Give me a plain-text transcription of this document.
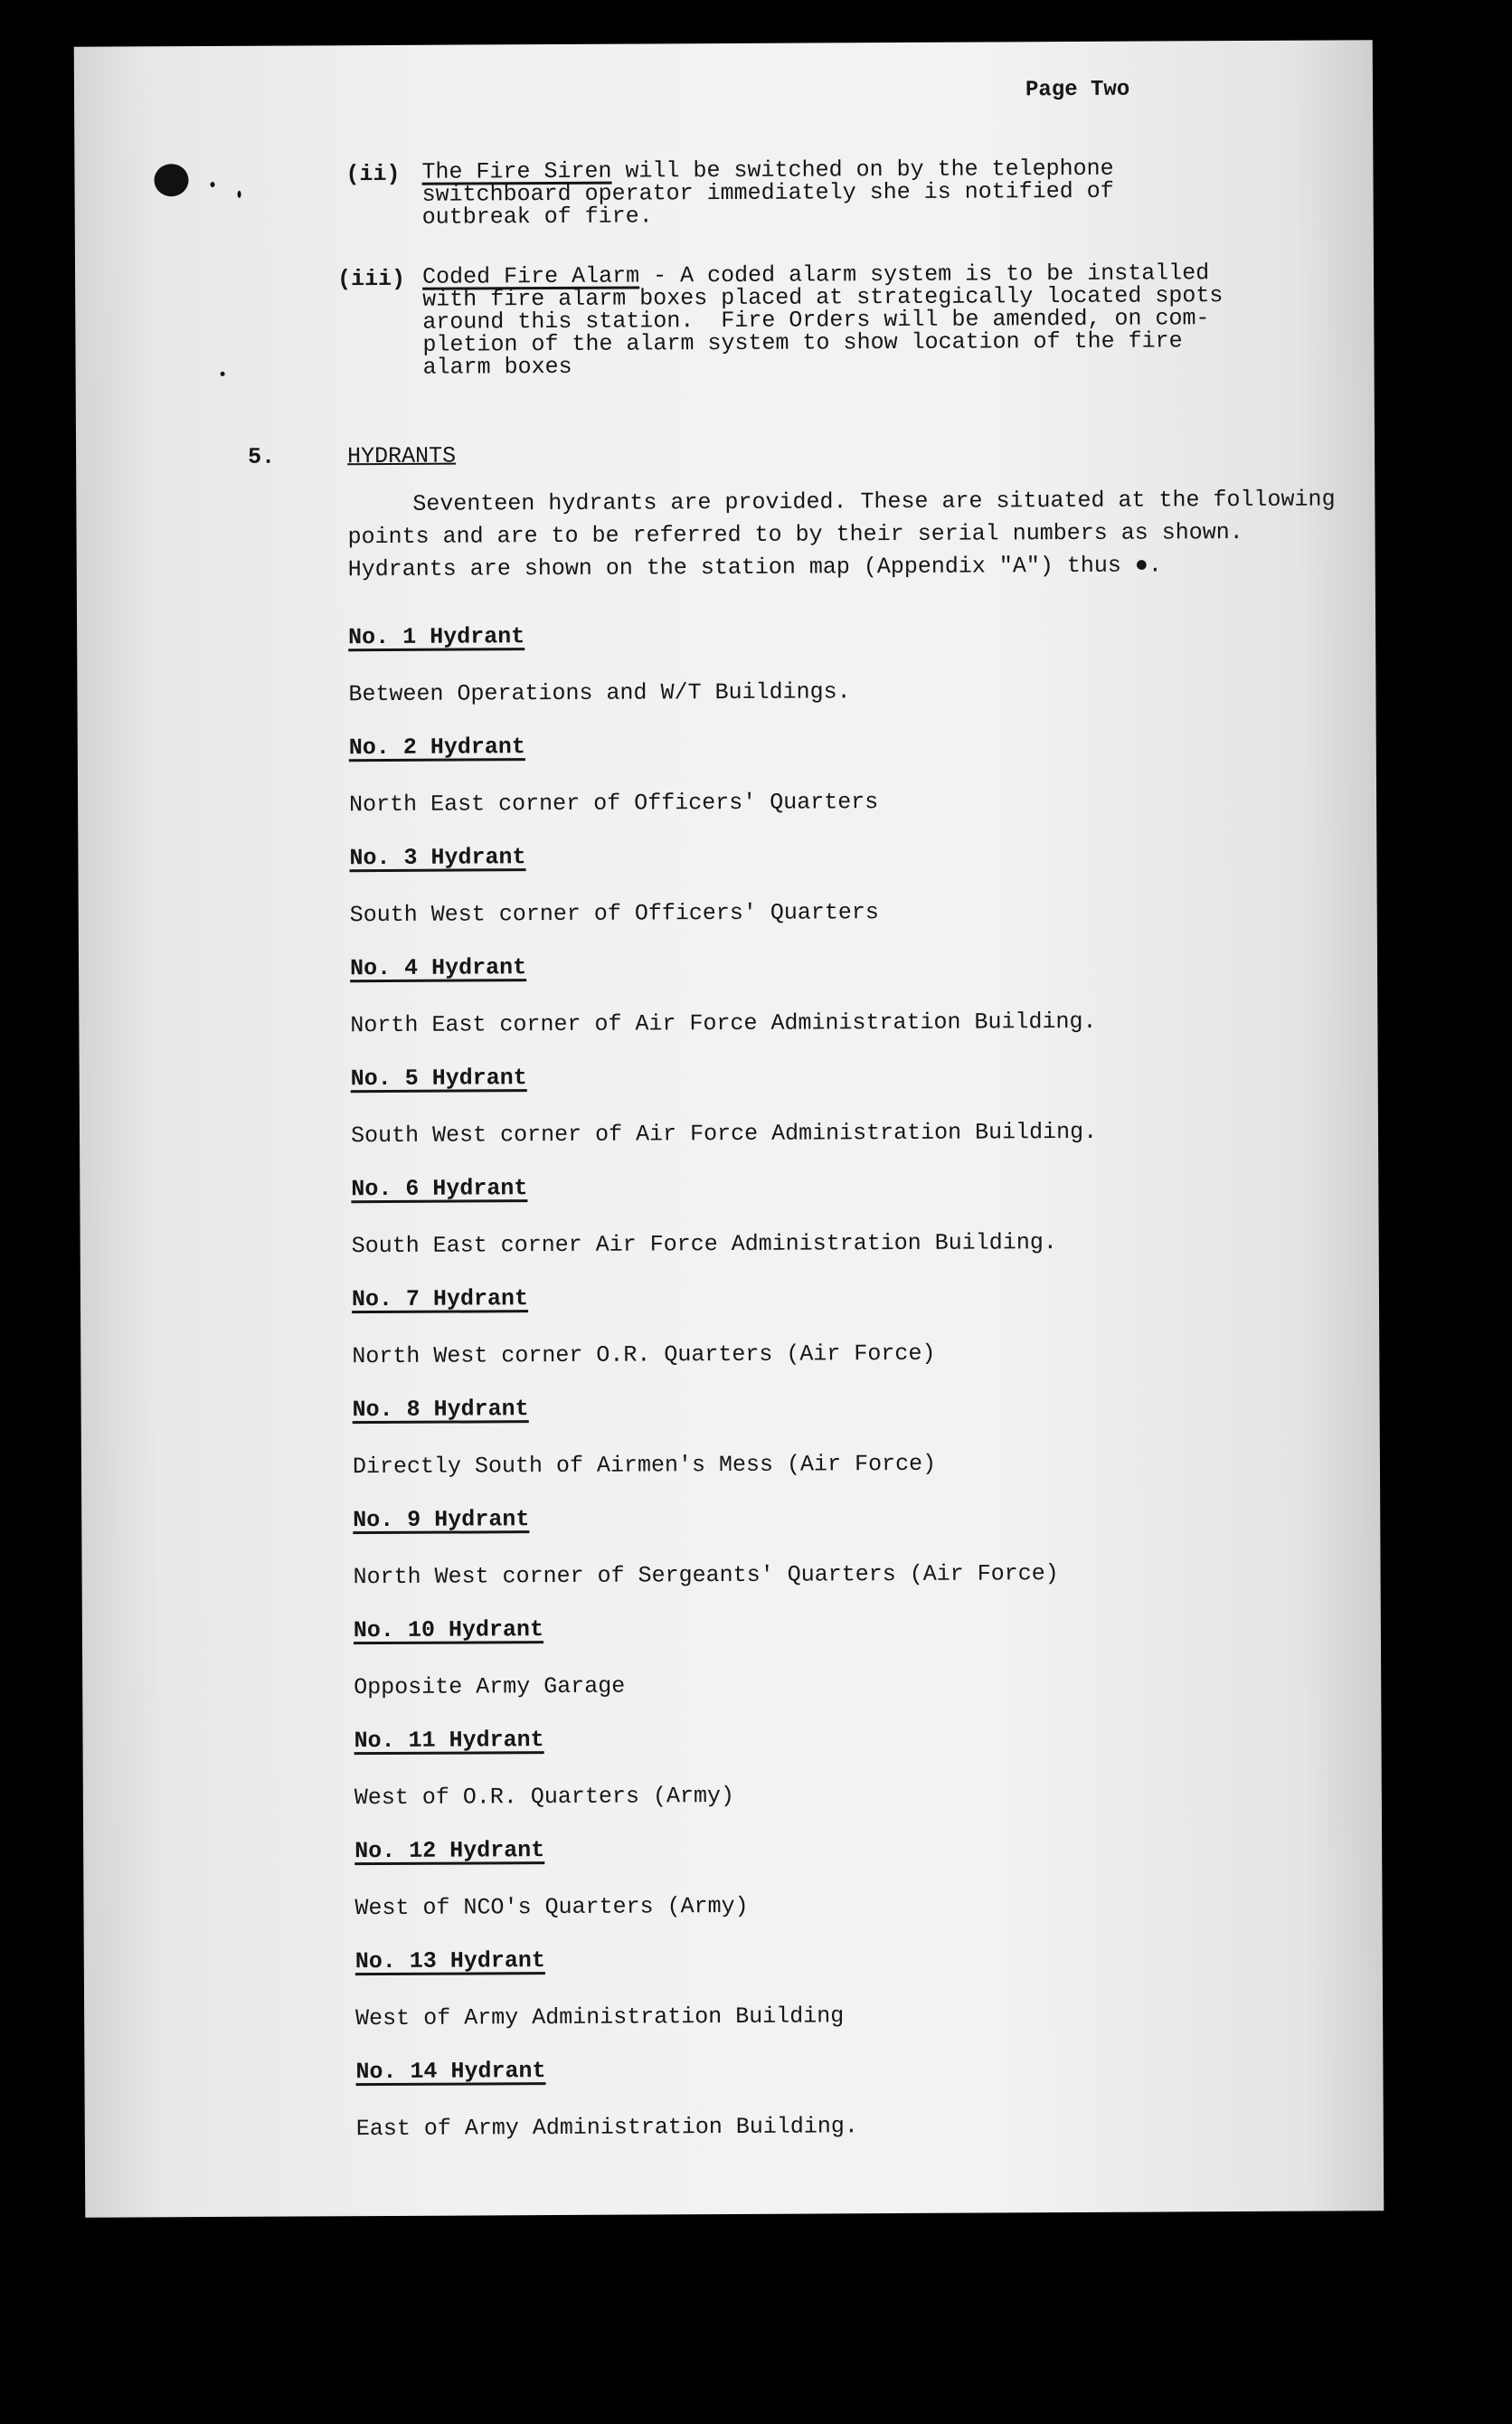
Page Two
(ii) The Fire Siren will be switched on by the telephone
switchboard operator immediately she is notified of
outbreak of fire.
(iii) Coded Fire Alarm - A coded alarm system is to be installed
with fire alarm boxes placed at strategically located spots
around this station.  Fire Orders will be amended, on com-
pletion of the alarm system to show location of the fire
alarm boxes
5.	HYDRANTS
Seventeen hydrants are provided. These are situated at the following points and are to be referred to by their serial numbers as shown. Hydrants are shown on the station map (Appendix "A") thus ●.
No. 1 Hydrant
Between Operations and W/T Buildings.
No. 2 Hydrant
North East corner of Officers' Quarters
No. 3 Hydrant
South West corner of Officers' Quarters
No. 4 Hydrant
North East corner of Air Force Administration Building.
No. 5 Hydrant
South West corner of Air Force Administration Building.
No. 6 Hydrant
South East corner Air Force Administration Building.
No. 7 Hydrant
North West corner O.R. Quarters (Air Force)
No. 8 Hydrant
Directly South of Airmen's Mess (Air Force)
No. 9 Hydrant
North West corner of Sergeants' Quarters (Air Force)
No. 10 Hydrant
Opposite Army Garage
No. 11 Hydrant
West of O.R. Quarters (Army)
No. 12 Hydrant
West of NCO's Quarters (Army)
No. 13 Hydrant
West of Army Administration Building
No. 14 Hydrant
East of Army Administration Building.
